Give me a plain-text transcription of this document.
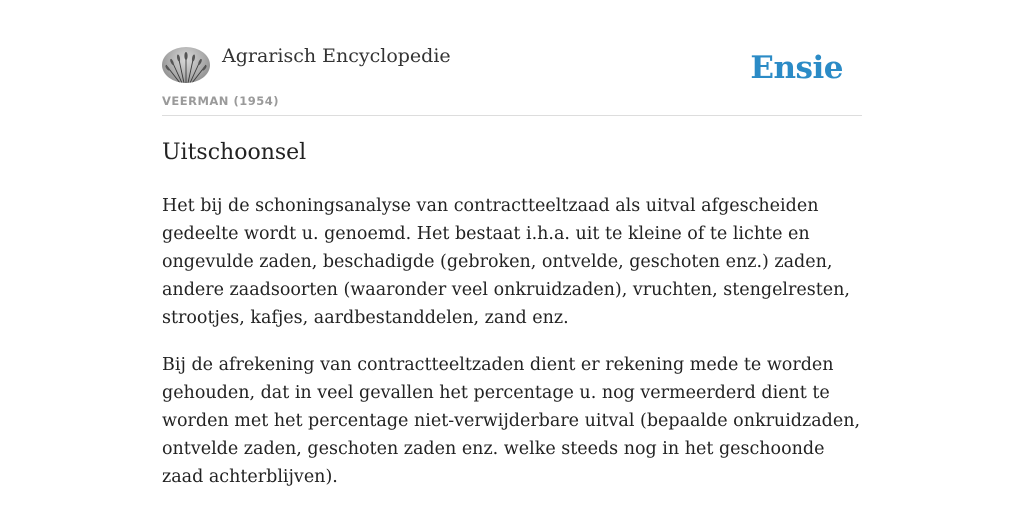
Agrarisch Encyclopedie
VEERMAN (1954)
Ensie
Uitschoonsel

Het bij de schoningsanalyse van contractteeltzaad als uitval afgescheiden gedeelte wordt u. genoemd. Het bestaat i.h.a. uit te kleine of te lichte en ongevulde zaden, beschadigde (gebroken, ontvelde, geschoten enz.) zaden, andere zaadsoorten (waaronder veel onkruidzaden), vruchten, stengelresten, strootjes, kafjes, aardbestanddelen, zand enz.

Bij de afrekening van contractteeltzaden dient er rekening mede te worden gehouden, dat in veel gevallen het percentage u. nog vermeerderd dient te worden met het percentage niet-verwijderbare uitval (bepaalde onkruidzaden, ontvelde zaden, geschoten zaden enz. welke steeds nog in het geschoonde zaad achterblijven).
